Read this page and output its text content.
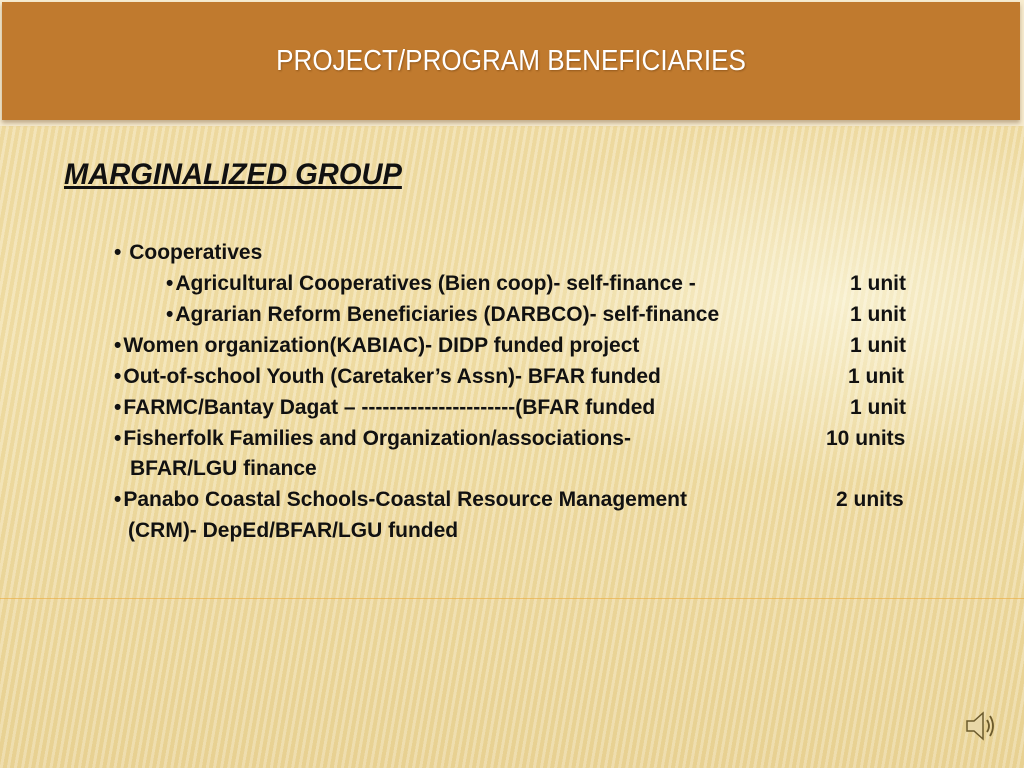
PROJECT/PROGRAM BENEFICIARIES
MARGINALIZED GROUP
• Cooperatives
•Agricultural Cooperatives (Bien coop)- self-finance -	1 unit
•Agrarian Reform Beneficiaries (DARBCO)- self-finance	1 unit
•Women organization(KABIAC)- DIDP funded project	1 unit
•Out-of-school Youth (Caretaker’s Assn)- BFAR funded	1 unit
•FARMC/Bantay Dagat – ----------------------(BFAR funded	1 unit
•Fisherfolk Families and Organization/associations-	10 units
BFAR/LGU finance
•Panabo Coastal Schools-Coastal Resource Management	2 units
(CRM)- DepEd/BFAR/LGU funded
